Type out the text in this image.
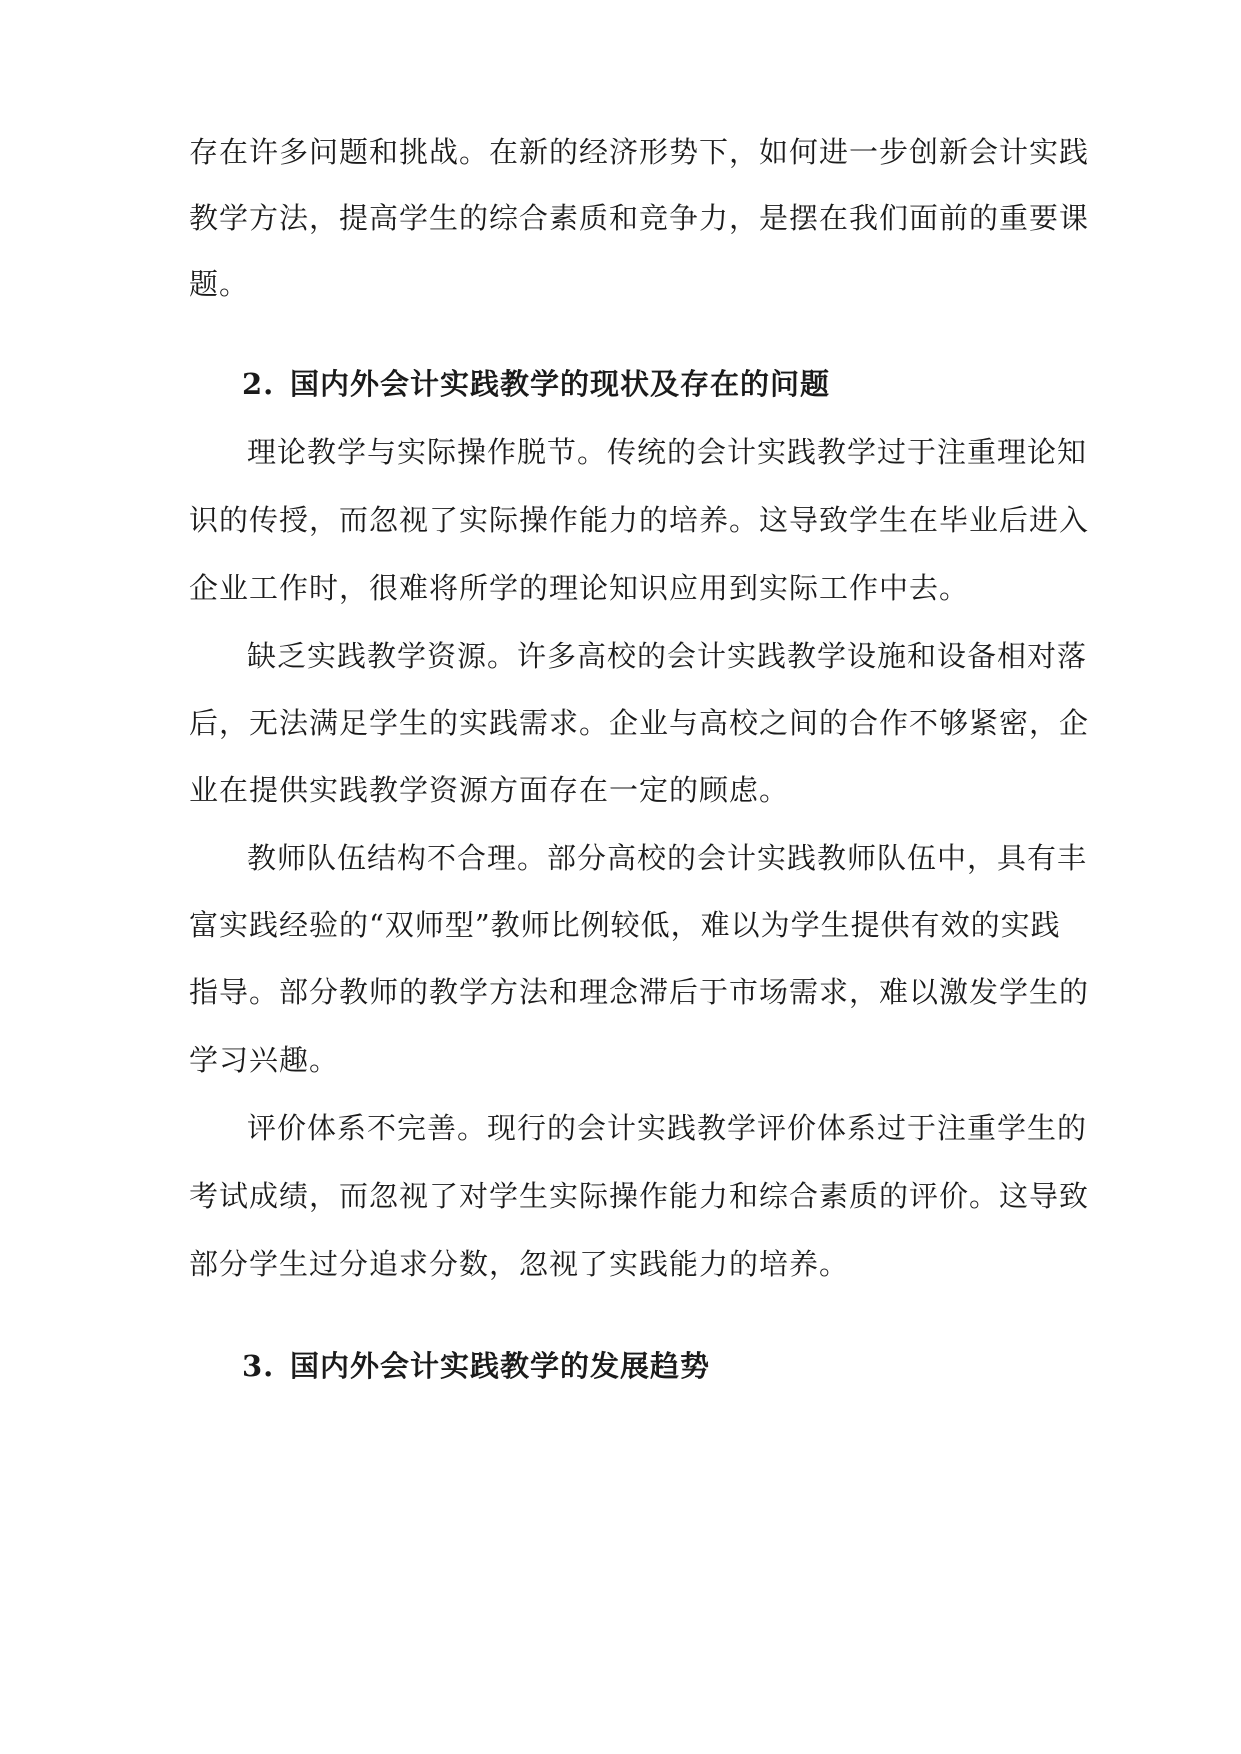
存在许多问题和挑战。在新的经济形势下，如何进一步创新会计实践
教学方法，提高学生的综合素质和竞争力，是摆在我们面前的重要课
题。
2. 国内外会计实践教学的现状及存在的问题
理论教学与实际操作脱节。传统的会计实践教学过于注重理论知
识的传授，而忽视了实际操作能力的培养。这导致学生在毕业后进入
企业工作时，很难将所学的理论知识应用到实际工作中去。
缺乏实践教学资源。许多高校的会计实践教学设施和设备相对落
后，无法满足学生的实践需求。企业与高校之间的合作不够紧密，企
业在提供实践教学资源方面存在一定的顾虑。
教师队伍结构不合理。部分高校的会计实践教师队伍中，具有丰
富实践经验的“双师型”教师比例较低，难以为学生提供有效的实践
指导。部分教师的教学方法和理念滞后于市场需求，难以激发学生的
学习兴趣。
评价体系不完善。现行的会计实践教学评价体系过于注重学生的
考试成绩，而忽视了对学生实际操作能力和综合素质的评价。这导致
部分学生过分追求分数，忽视了实践能力的培养。
3. 国内外会计实践教学的发展趋势
